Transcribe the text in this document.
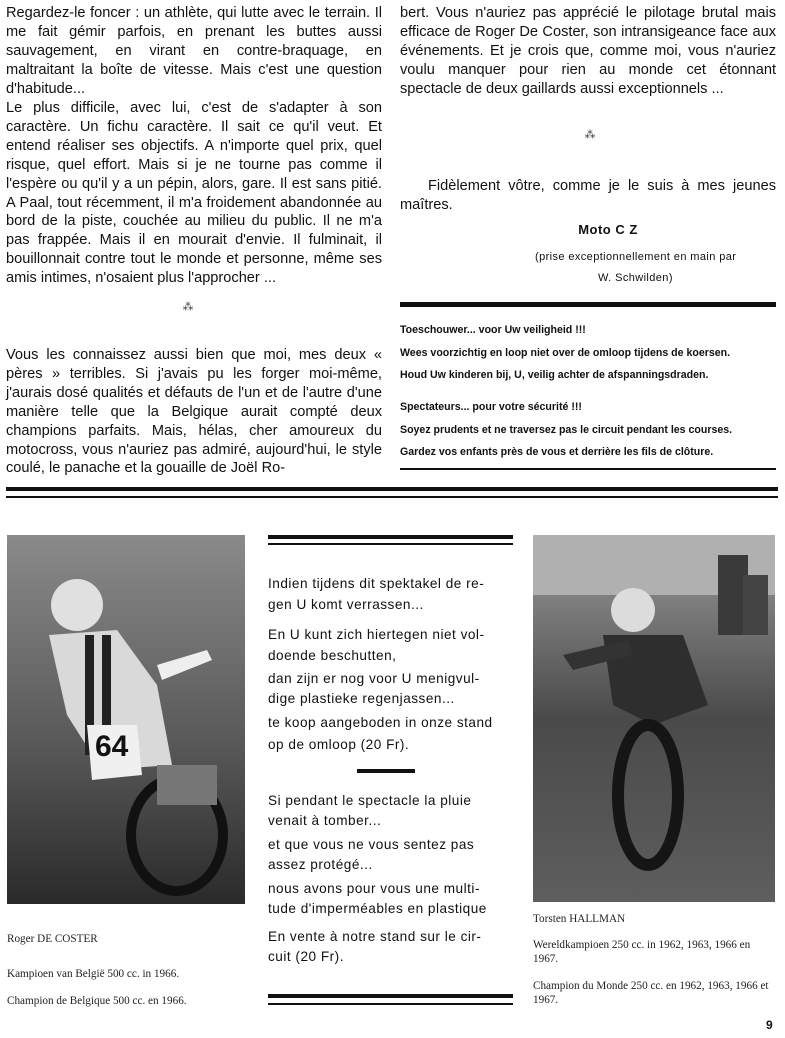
Regardez-le foncer : un athlète, qui lutte avec le terrain. Il me fait gémir parfois, en prenant les buttes aussi sauvagement, en virant en contre-braquage, en maltraitant la boîte de vitesse. Mais c'est une question d'habitude...

Le plus difficile, avec lui, c'est de s'adapter à son caractère. Un fichu caractère. Il sait ce qu'il veut. Et entend réaliser ses objectifs. A n'importe quel prix, quel risque, quel effort. Mais si je ne tourne pas comme il l'espère ou qu'il y a un pépin, alors, gare. Il est sans pitié. A Paal, tout récemment, il m'a froidement abandonnée au bord de la piste, couchée au milieu du public. Il ne m'a pas frappée. Mais il en mourait d'envie. Il fulminait, il bouillonnait contre tout le monde et personne, même ses amis intimes, n'osaient plus l'approcher ...

⁂

Vous les connaissez aussi bien que moi, mes deux « pères » terribles. Si j'avais pu les forger moi-même, j'aurais dosé qualités et défauts de l'un et de l'autre d'une manière telle que la Belgique aurait compté deux champions parfaits. Mais, hélas, cher amoureux du motocross, vous n'auriez pas admiré, aujourd'hui, le style coulé, le panache et la gouaille de Joël Ro-

bert. Vous n'auriez pas apprécié le pilotage brutal mais efficace de Roger De Coster, son intransigeance face aux événements. Et je crois que, comme moi, vous n'auriez voulu manquer pour rien au monde cet étonnant spectacle de deux gaillards aussi exceptionnels ...

⁂

Fidèlement vôtre, comme je le suis à mes jeunes maîtres.

Moto C Z
(prise exceptionnellement en main par
W. Schwilden)
Toeschouwer... voor Uw veiligheid !!!
Wees voorzichtig en loop niet over de omloop tijdens de koersen.
Houd Uw kinderen bij, U, veilig achter de afspanningsdraden.
Spectateurs... pour votre sécurité !!!
Soyez prudents et ne traversez pas le circuit pendant les courses.
Gardez vos enfants près de vous et derrière les fils de clôture.
64
Roger DE COSTER
Kampioen van België 500 cc. in 1966.
Champion de Belgique 500 cc. en 1966.
Indien tijdens dit spektakel de re-
gen U komt verrassen...
En U kunt zich hiertegen niet vol-
doende beschutten,
dan zijn er nog voor U menigvul-
dige plastieke regenjassen...
te koop aangeboden in onze stand
op de omloop (20 Fr).
Si pendant le spectacle la pluie
venait à tomber...
et que vous ne vous sentez pas
assez protégé...
nous avons pour vous une multi-
tude d'imperméables en plastique
En vente à notre stand sur le cir-
cuit (20 Fr).
Torsten HALLMAN
Wereldkampioen 250 cc. in 1962, 1963, 1966 en 1967.
Champion du Monde 250 cc. en 1962, 1963, 1966 et 1967.
9
